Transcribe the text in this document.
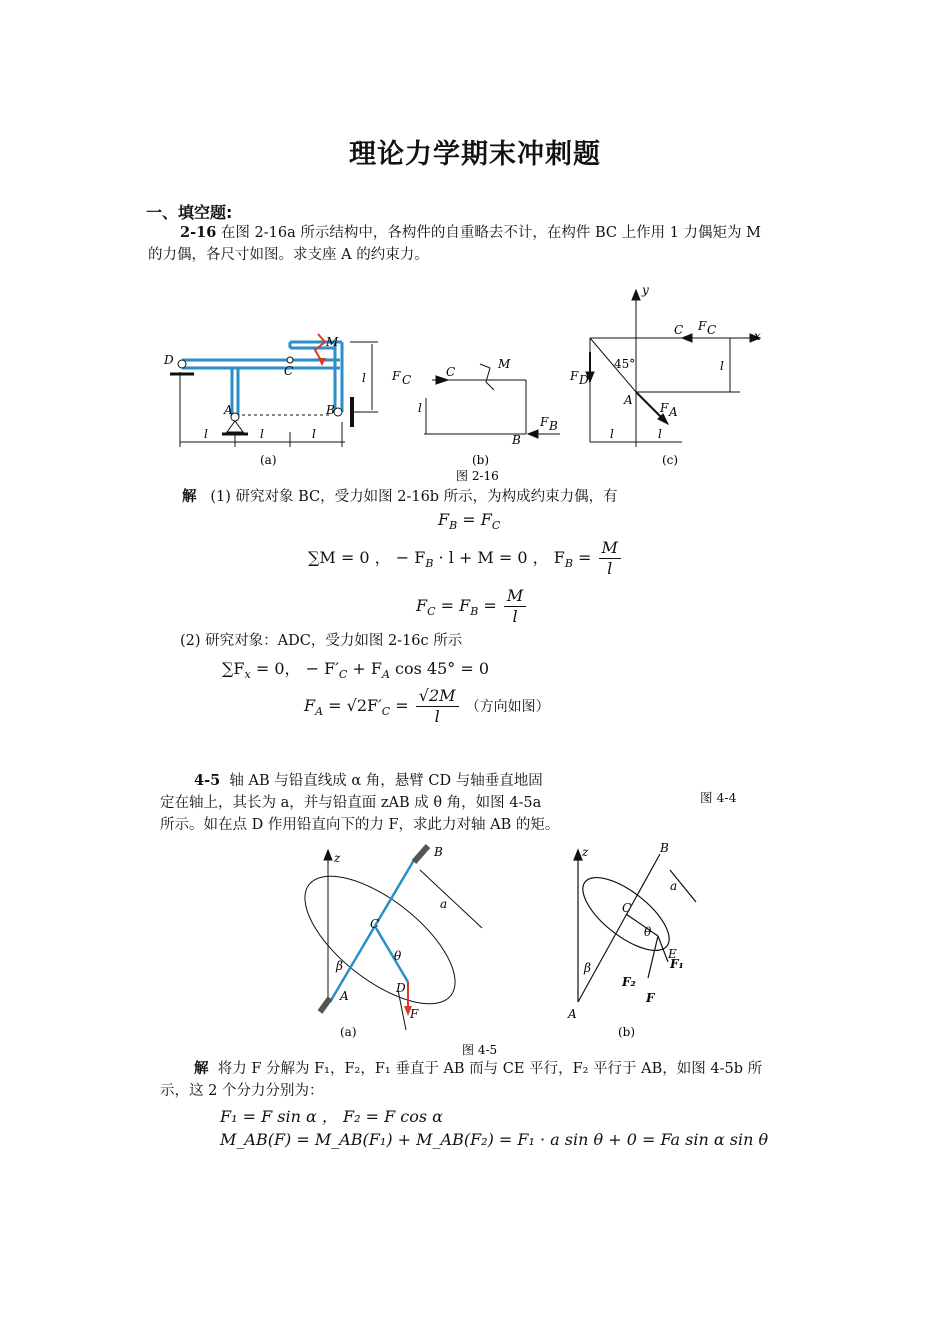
理论力学期末冲刺题
一、填空题:
2-16 在图 2-16a 所示结构中，各构件的自重略去不计，在构件 BC 上作用 1 力偶矩为 M
的力偶，各尺寸如图。求支座 A 的约束力。
D
C
A	B
M
l	l	l
l
(a)
F C
C
M
l
B
F B
(b)
y
x
C F C
F D
45°
A
F A
l
l	l
(c)
图 2-16
解 (1) 研究对象 BC，受力如图 2-16b 所示，为构成约束力偶，有
$F_B = F_C$
∑M = 0 ， − $F_B \cdot l + M = 0$ ， $F_B = \frac{M}{l}$
$F_C = F_B = \frac{M}{l}$
(2) 研究对象：ADC，受力如图 2-16c 所示
$\sum F_x = 0$， − $F'_C + F_A$ cos 45° = 0
$F_A = √2F'_C = \frac{√2M}{l}$ （方向如图）
4-5 轴 AB 与铅直线成 α 角，悬臂 CD 与轴垂直地固
定在轴上，其长为 a，并与铅直面 zAB 成 θ 角，如图 4-5a
所示。如在点 D 作用铅直向下的力 F，求此力对轴 AB 的矩。
图 4-4
z	B
C
D
A
a
F
θ
β
(a)
z	B
C
θ
a
β
F₂
F₁
E
F
A
(b)
图 4-5
解 将力 F 分解为 F₁，F₂，F₁ 垂直于 AB 而与 CE 平行，F₂ 平行于 AB，如图 4-5b 所
示，这 2 个分力分别为：
F₁ = F sin α ， F₂ = F cos α
M_AB(F) = M_AB(F₁) + M_AB(F₂) = F₁ · a sin θ + 0 = Fa sin α sin θ
